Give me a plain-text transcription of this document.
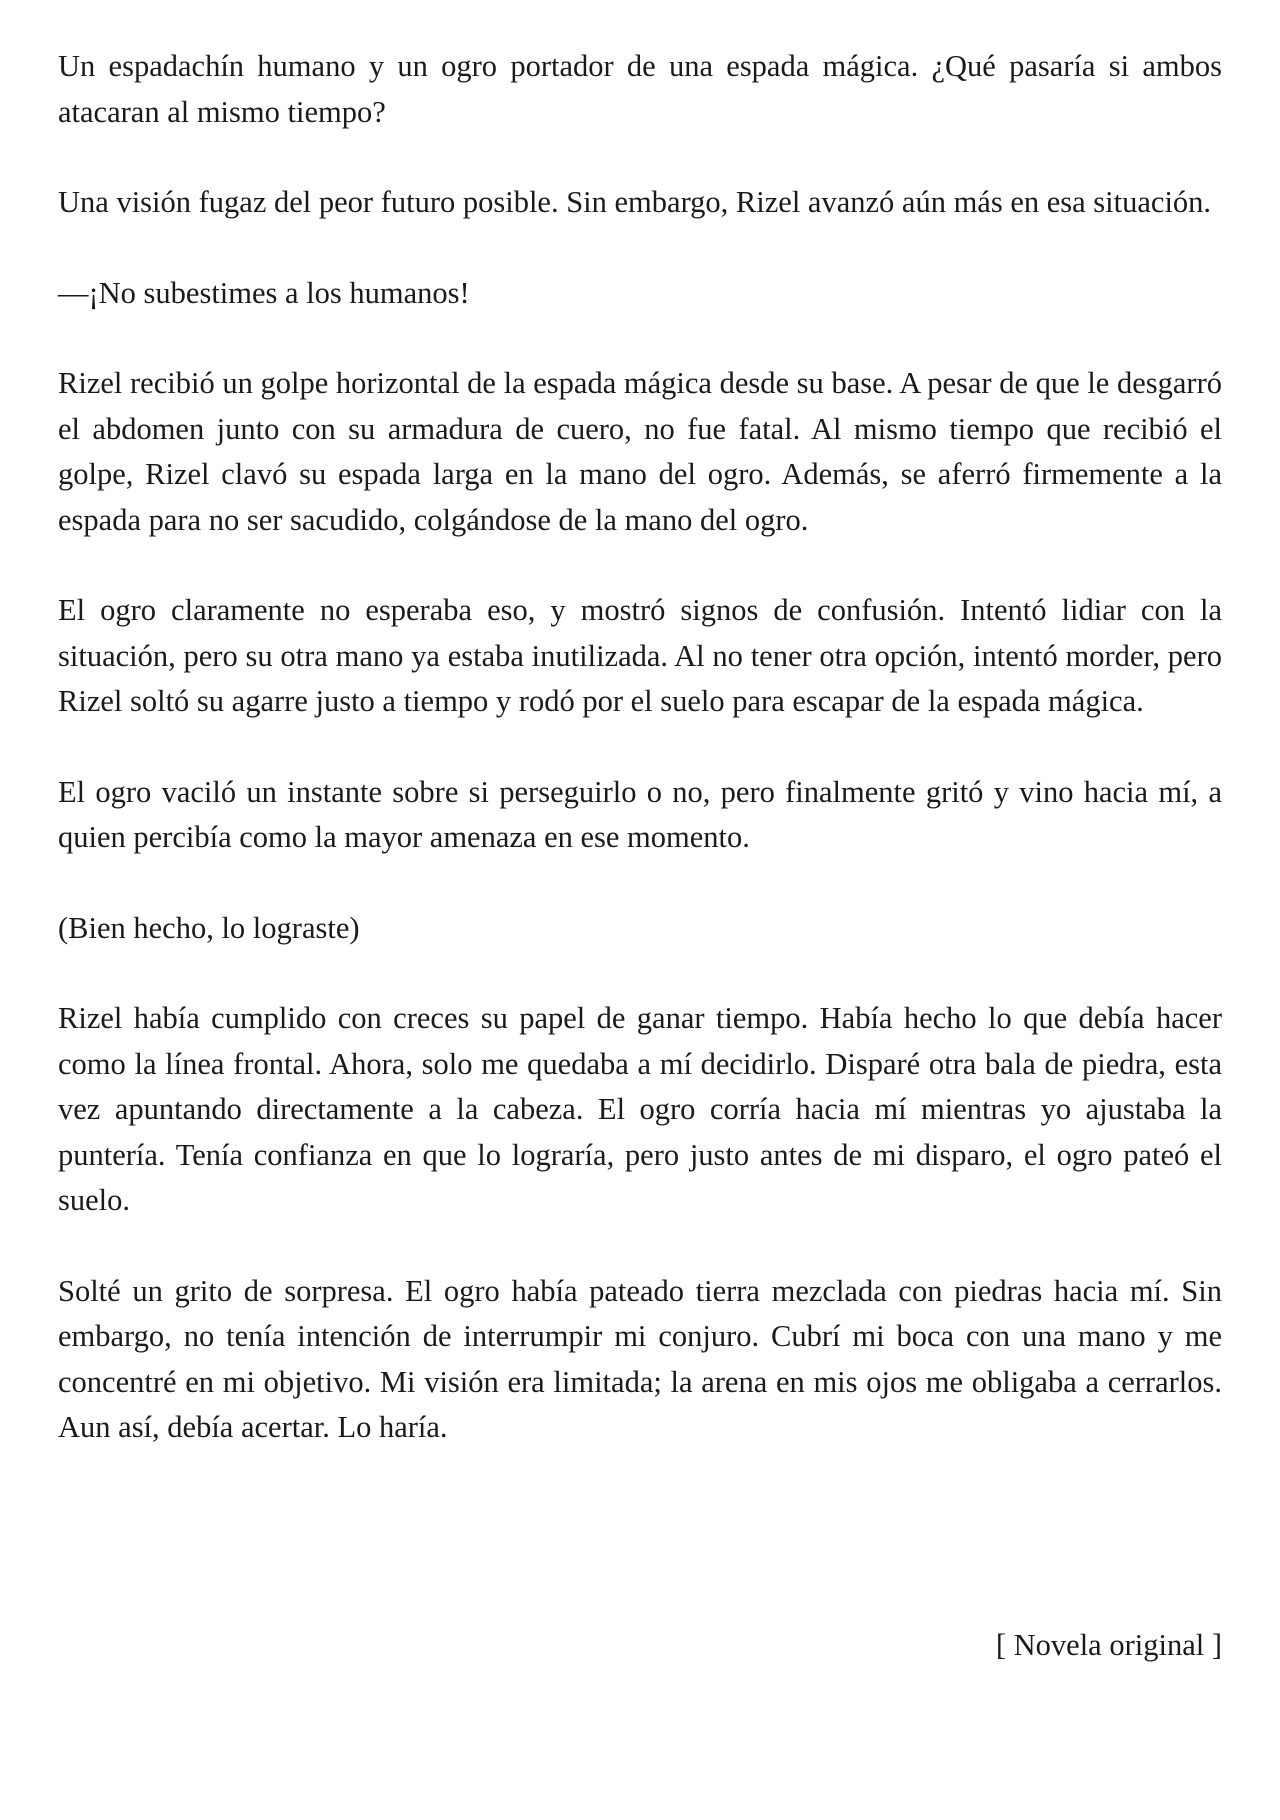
Un espadachín humano y un ogro portador de una espada mágica. ¿Qué pasaría si ambos atacaran al mismo tiempo?

Una visión fugaz del peor futuro posible. Sin embargo, Rizel avanzó aún más en esa situación.

—¡No subestimes a los humanos!

Rizel recibió un golpe horizontal de la espada mágica desde su base. A pesar de que le desgarró el abdomen junto con su armadura de cuero, no fue fatal. Al mismo tiempo que recibió el golpe, Rizel clavó su espada larga en la mano del ogro. Además, se aferró firmemente a la espada para no ser sacudido, colgándose de la mano del ogro.

El ogro claramente no esperaba eso, y mostró signos de confusión. Intentó lidiar con la situación, pero su otra mano ya estaba inutilizada. Al no tener otra opción, intentó morder, pero Rizel soltó su agarre justo a tiempo y rodó por el suelo para escapar de la espada mágica.

El ogro vaciló un instante sobre si perseguirlo o no, pero finalmente gritó y vino hacia mí, a quien percibía como la mayor amenaza en ese momento.

(Bien hecho, lo lograste)

Rizel había cumplido con creces su papel de ganar tiempo. Había hecho lo que debía hacer como la línea frontal. Ahora, solo me quedaba a mí decidirlo. Disparé otra bala de piedra, esta vez apuntando directamente a la cabeza. El ogro corría hacia mí mientras yo ajustaba la puntería. Tenía confianza en que lo lograría, pero justo antes de mi disparo, el ogro pateó el suelo.

Solté un grito de sorpresa. El ogro había pateado tierra mezclada con piedras hacia mí. Sin embargo, no tenía intención de interrumpir mi conjuro. Cubrí mi boca con una mano y me concentré en mi objetivo. Mi visión era limitada; la arena en mis ojos me obligaba a cerrarlos. Aun así, debía acertar. Lo haría.

[ Novela original ]
